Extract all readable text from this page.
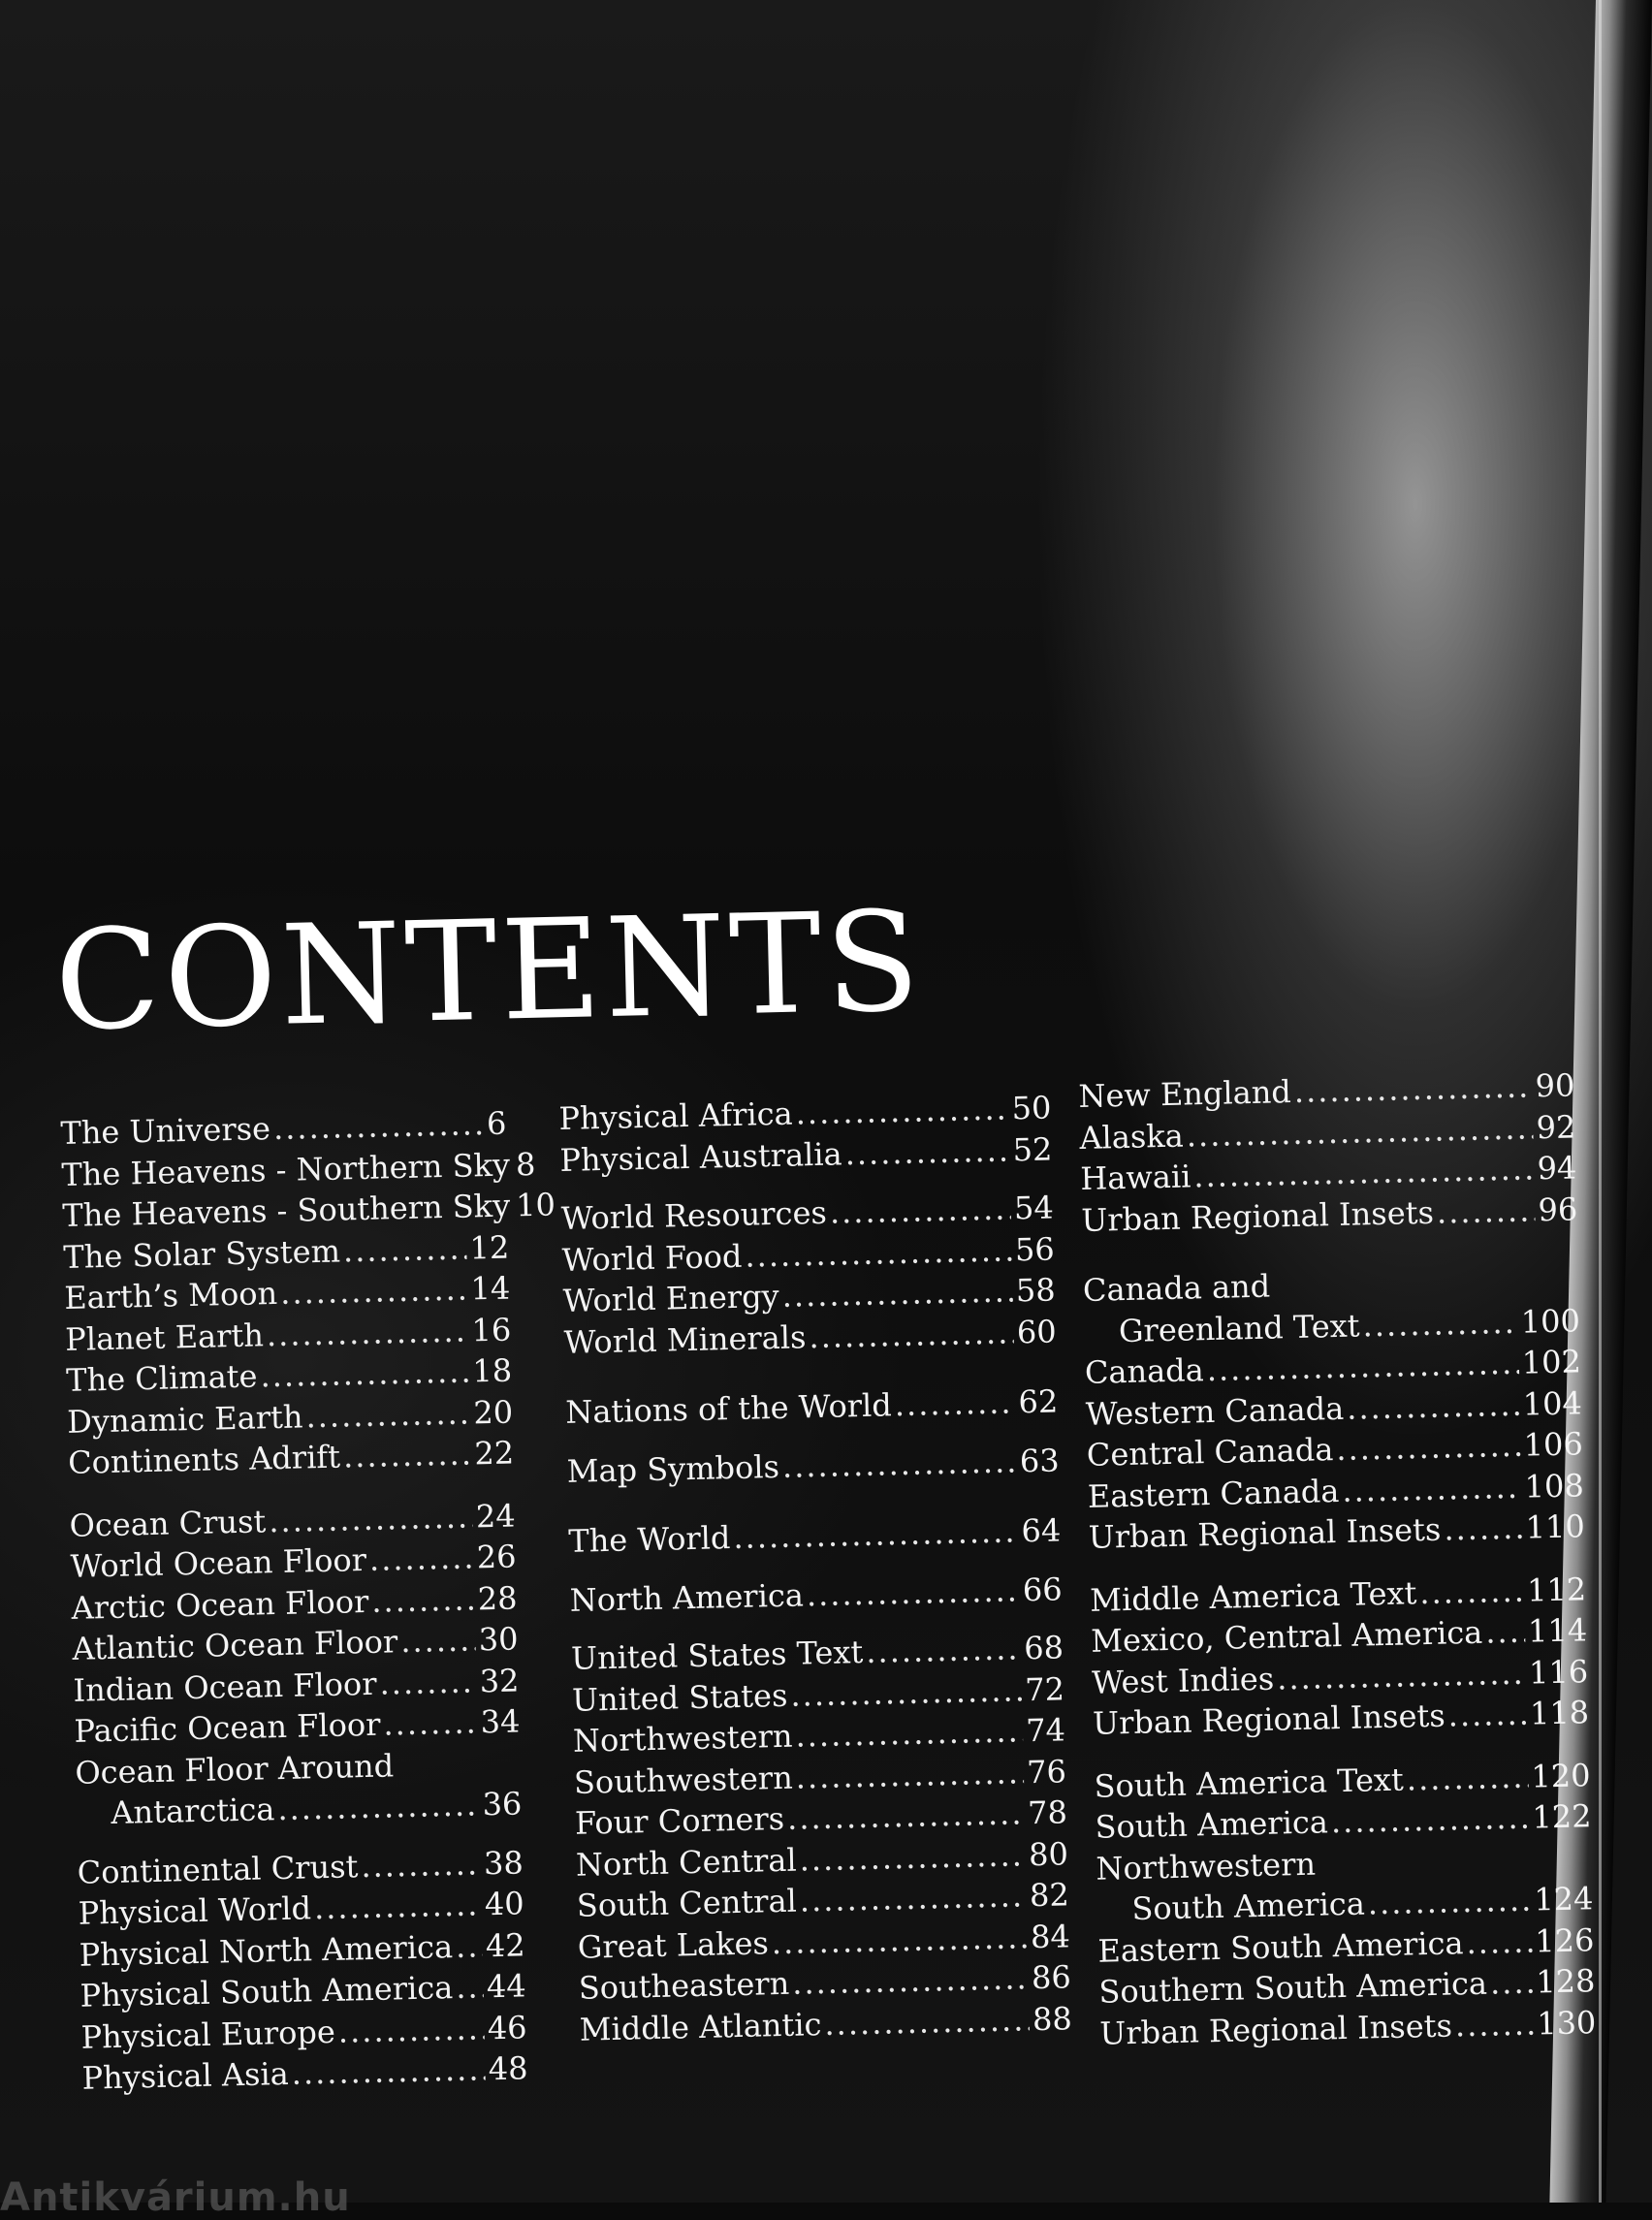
CONTENTS
The Universe .....	6
The Heavens - Northern Sky ..... 8
The Heavens - Southern Sky ..... 10
The Solar System .....	12
Earth’s Moon .....	14
Planet Earth .....	16
The Climate .....	18
Dynamic Earth .....	20
Continents Adrift .....	22
Ocean Crust .....	24
World Ocean Floor .....	26
Arctic Ocean Floor .....	28
Atlantic Ocean Floor .....	30
Indian Ocean Floor .....	32
Pacific Ocean Floor .....	34
Ocean Floor Around
Antarctica .....	36
Continental Crust .....	38
Physical World .....	40
Physical North America ..... 42
Physical South America ..... 44
Physical Europe .....	46
Physical Asia .....	48
Physical Africa .....	50
Physical Australia .....	52
World Resources .....	54
World Food .....	56
World Energy .....	58
World Minerals .....	60
Nations of the World .....	62
Map Symbols .....	63
The World .....	64
North America .....	66
United States Text .....	68
United States .....	72
Northwestern .....	74
Southwestern .....	76
Four Corners .....	78
North Central .....	80
South Central .....	82
Great Lakes .....	84
Southeastern .....	86
Middle Atlantic .....	88
New England .....	90
Alaska .....	92
Hawaii .....	94
Urban Regional Insets .....	96
Canada and
Greenland Text .....	100
Canada .....	102
Western Canada .....	104
Central Canada .....	106
Eastern Canada .....	108
Urban Regional Insets .....	110
Middle America Text .....	112
Mexico, Central America ..... 114
West Indies .....	116
Urban Regional Insets .....	118
South America Text .....	120
South America .....	122
Northwestern
South America .....	124
Eastern South America ..... 126
Southern South America ..... 128
Urban Regional Insets .....	130
Antikvárium.hu
